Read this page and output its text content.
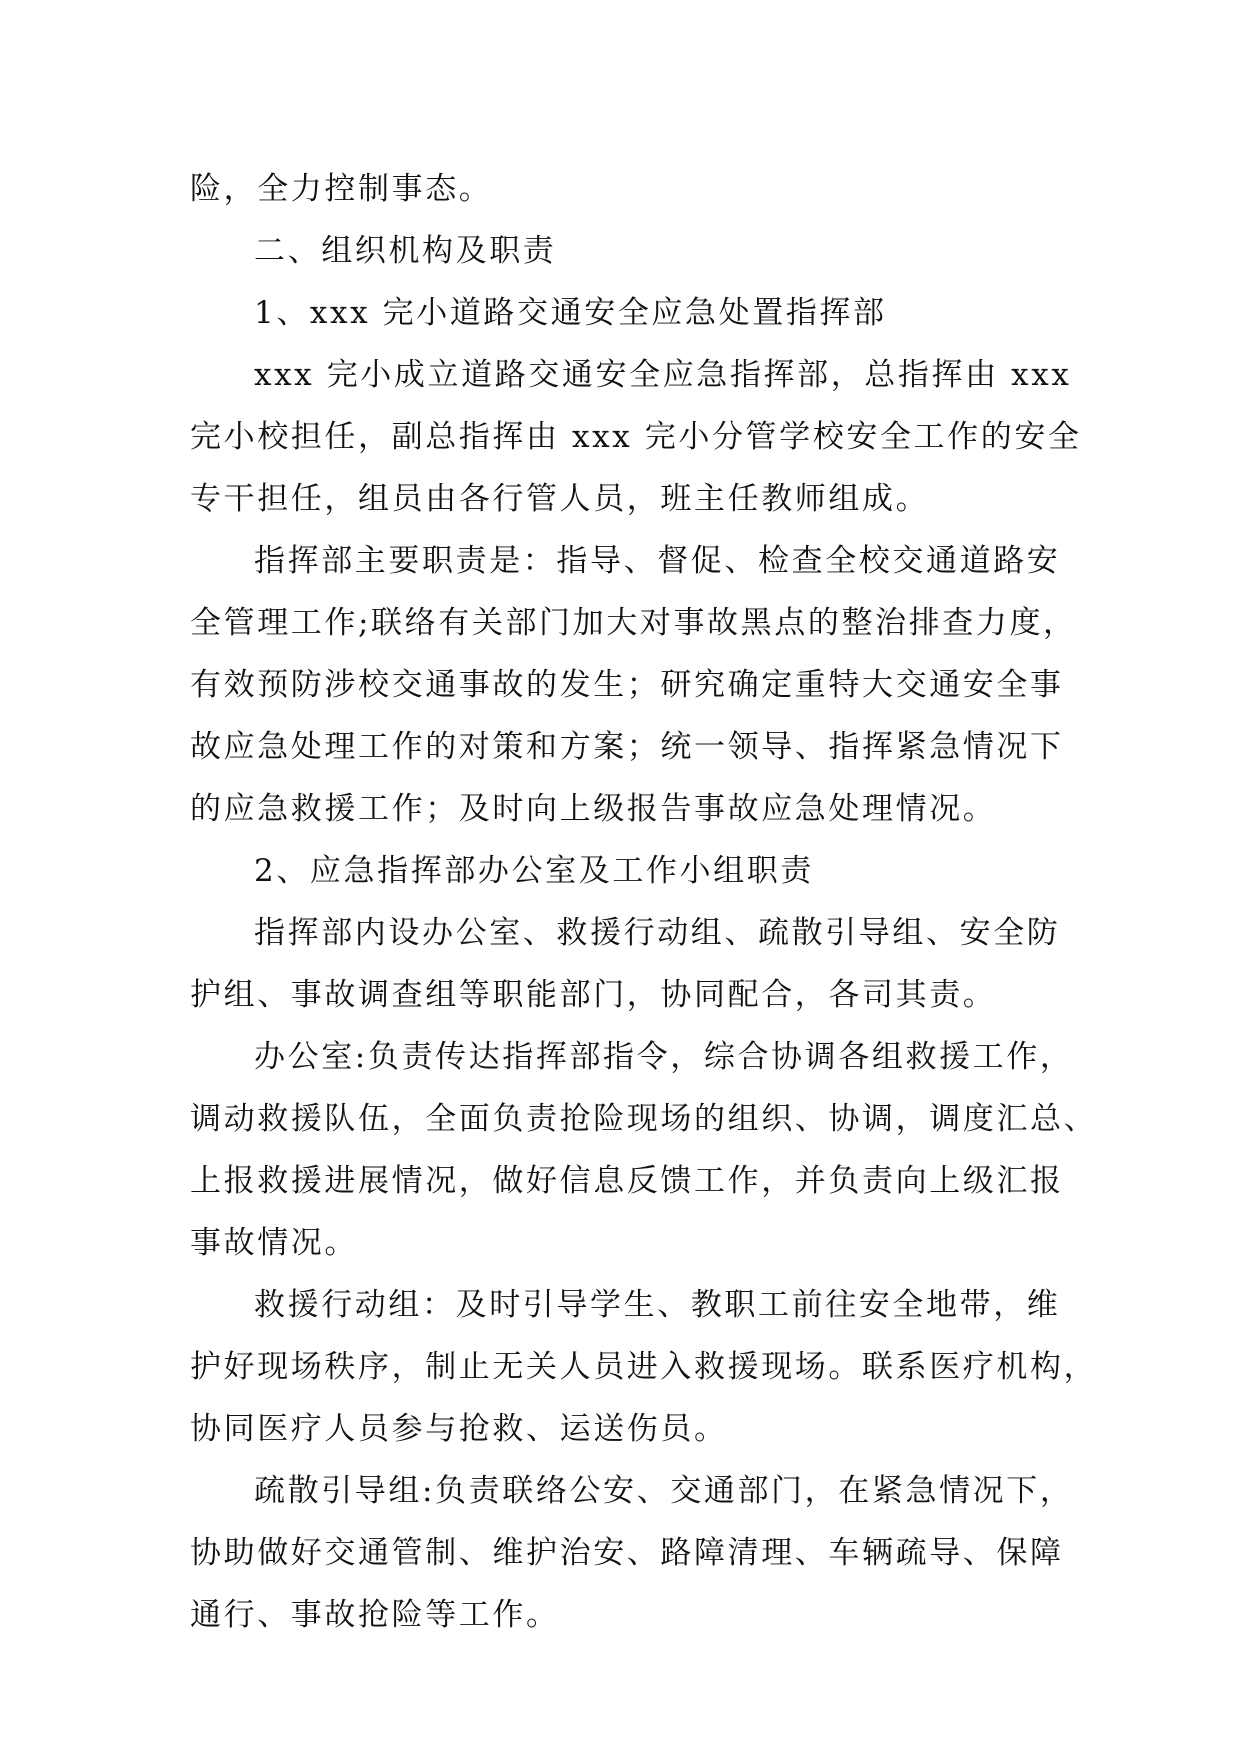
险，全力控制事态。
二、组织机构及职责
1、xxx 完小道路交通安全应急处置指挥部
xxx 完小成立道路交通安全应急指挥部，总指挥由 xxx
完小校担任，副总指挥由 xxx 完小分管学校安全工作的安全
专干担任，组员由各行管人员，班主任教师组成。
指挥部主要职责是：指导、督促、检查全校交通道路安
全管理工作;联络有关部门加大对事故黑点的整治排查力度，
有效预防涉校交通事故的发生；研究确定重特大交通安全事
故应急处理工作的对策和方案；统一领导、指挥紧急情况下
的应急救援工作；及时向上级报告事故应急处理情况。
2、应急指挥部办公室及工作小组职责
指挥部内设办公室、救援行动组、疏散引导组、安全防
护组、事故调查组等职能部门，协同配合，各司其责。
办公室:负责传达指挥部指令，综合协调各组救援工作，
调动救援队伍，全面负责抢险现场的组织、协调，调度汇总、
上报救援进展情况，做好信息反馈工作，并负责向上级汇报
事故情况。
救援行动组：及时引导学生、教职工前往安全地带，维
护好现场秩序，制止无关人员进入救援现场。联系医疗机构，
协同医疗人员参与抢救、运送伤员。
疏散引导组:负责联络公安、交通部门，在紧急情况下，
协助做好交通管制、维护治安、路障清理、车辆疏导、保障
通行、事故抢险等工作。
